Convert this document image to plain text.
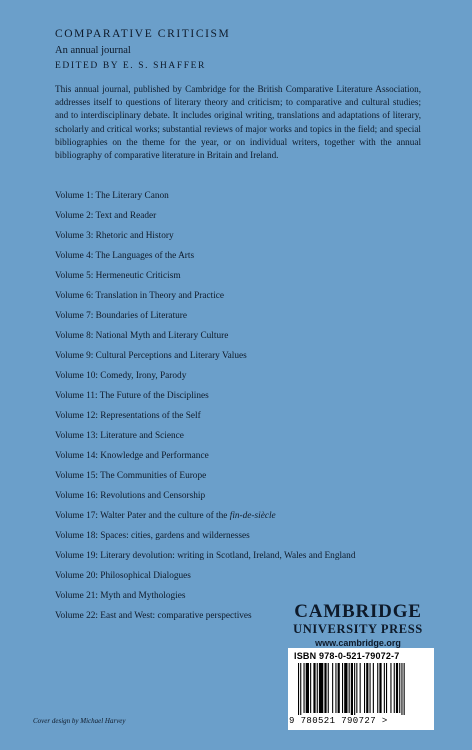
COMPARATIVE CRITICISM
An annual journal
EDITED BY E. S. SHAFFER

This annual journal, published by Cambridge for the British Comparative Literature Association, addresses itself to questions of literary theory and criticism; to comparative and cultural studies; and to interdisciplinary debate. It includes original writing, translations and adaptations of literary, scholarly and critical works; substantial reviews of major works and topics in the field; and special bibliographies on the theme for the year, or on individual writers, together with the annual bibliography of comparative literature in Britain and Ireland.

Volume 1: The Literary Canon
Volume 2: Text and Reader
Volume 3: Rhetoric and History
Volume 4: The Languages of the Arts
Volume 5: Hermeneutic Criticism
Volume 6: Translation in Theory and Practice
Volume 7: Boundaries of Literature
Volume 8: National Myth and Literary Culture
Volume 9: Cultural Perceptions and Literary Values
Volume 10: Comedy, Irony, Parody
Volume 11: The Future of the Disciplines
Volume 12: Representations of the Self
Volume 13: Literature and Science
Volume 14: Knowledge and Performance
Volume 15: The Communities of Europe
Volume 16: Revolutions and Censorship
Volume 17: Walter Pater and the culture of the fin-de-siècle
Volume 18: Spaces: cities, gardens and wildernesses
Volume 19: Literary devolution: writing in Scotland, Ireland, Wales and England
Volume 20: Philosophical Dialogues
Volume 21: Myth and Mythologies
Volume 22: East and West: comparative perspectives	CAMBRIDGE
UNIVERSITY PRESS
www.cambridge.org
ISBN 978-0-521-79072-7
9 780521 790727 >
Cover design by Michael Harvey
